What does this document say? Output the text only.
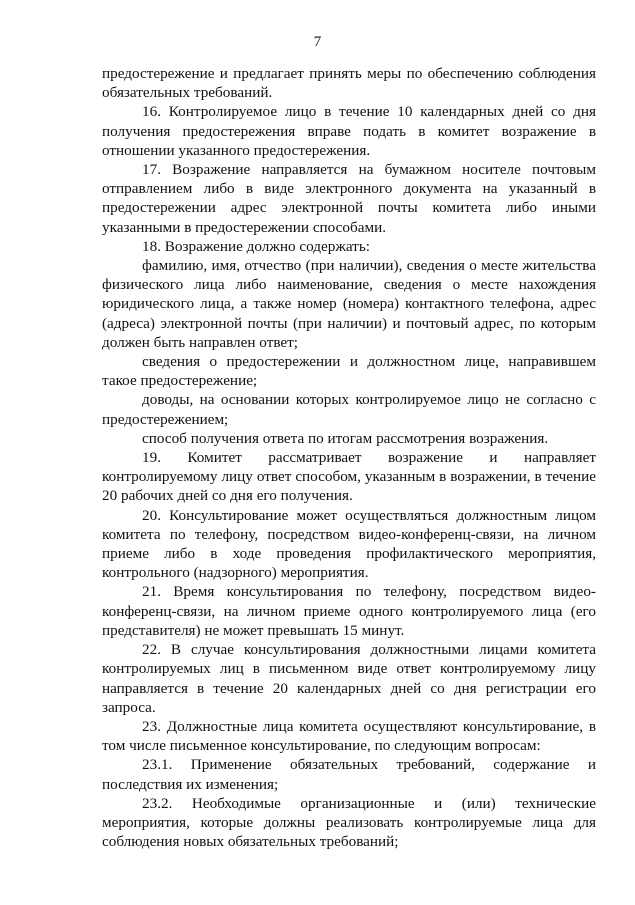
7

предостережение и предлагает принять меры по обеспечению соблюдения обязательных требований.

16. Контролируемое лицо в течение 10 календарных дней со дня получения предостережения вправе подать в комитет возражение в отношении указанного предостережения.

17. Возражение направляется на бумажном носителе почтовым отправлением либо в виде электронного документа на указанный в предостережении адрес электронной почты комитета либо иными указанными в предостережении способами.

18. Возражение должно содержать:

фамилию, имя, отчество (при наличии), сведения о месте жительства физического лица либо наименование, сведения о месте нахождения юридического лица, а также номер (номера) контактного телефона, адрес (адреса) электронной почты (при наличии) и почтовый адрес, по которым должен быть направлен ответ;

сведения о предостережении и должностном лице, направившем такое предостережение;

доводы, на основании которых контролируемое лицо не согласно с предостережением;

способ получения ответа по итогам рассмотрения возражения.

19. Комитет рассматривает возражение и направляет контролируемому лицу ответ способом, указанным в возражении, в течение 20 рабочих дней со дня его получения.

20. Консультирование может осуществляться должностным лицом комитета по телефону, посредством видео-конференц-связи, на личном приеме либо в ходе проведения профилактического мероприятия, контрольного (надзорного) мероприятия.

21. Время консультирования по телефону, посредством видео-конференц-связи, на личном приеме одного контролируемого лица (его представителя) не может превышать 15 минут.

22. В случае консультирования должностными лицами комитета контролируемых лиц в письменном виде ответ контролируемому лицу направляется в течение 20 календарных дней со дня регистрации его запроса.

23. Должностные лица комитета осуществляют консультирование, в том числе письменное консультирование, по следующим вопросам:

23.1. Применение обязательных требований, содержание и последствия их изменения;

23.2. Необходимые организационные и (или) технические мероприятия, которые должны реализовать контролируемые лица для соблюдения новых обязательных требований;
